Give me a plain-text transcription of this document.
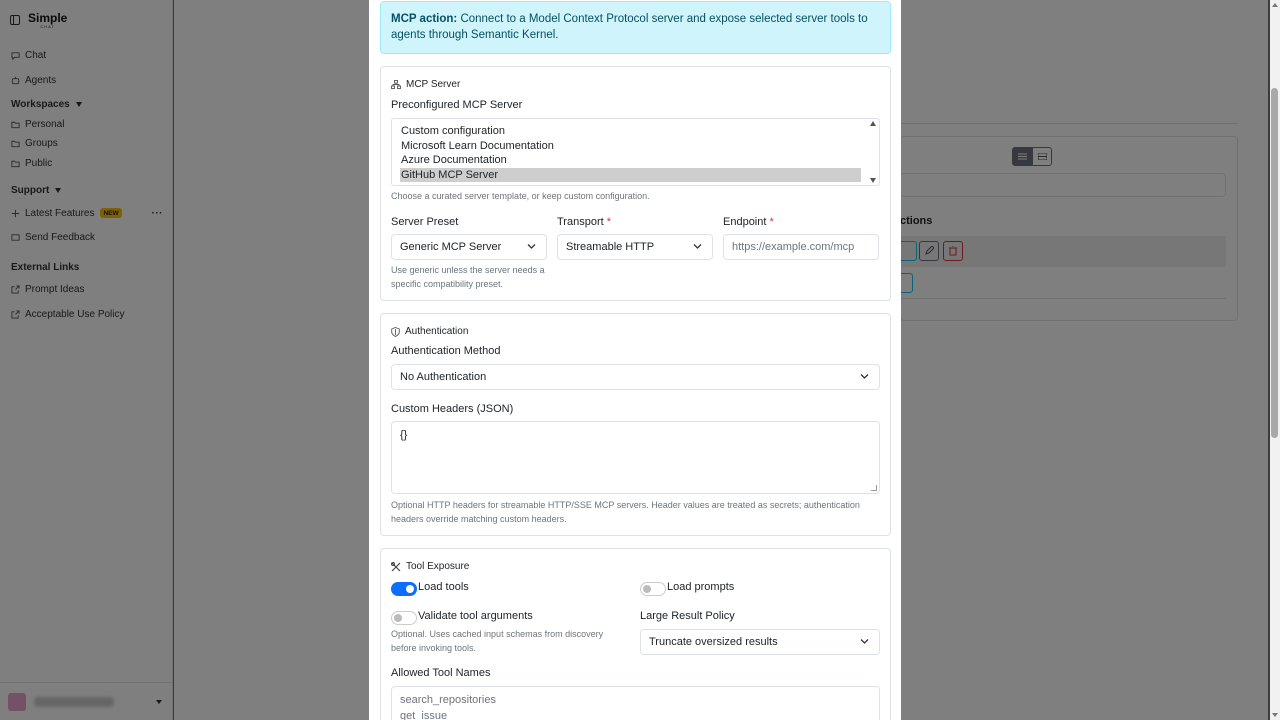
MCP action: Connect to a Model Context Protocol server and expose selected server tools to agents through Semantic Kernel.
MCP Server
Preconfigured MCP Server
Custom configuration
Microsoft Learn Documentation
Azure Documentation
GitHub MCP Server
Choose a curated server template, or keep custom configuration.
Server Preset
Generic MCP Server
Use generic unless the server needs a specific compatibility preset.
Transport *
Streamable HTTP
Endpoint *
https://example.com/mcp
Authentication
Authentication Method
No Authentication
Custom Headers (JSON)
{}
Optional HTTP headers for streamable HTTP/SSE MCP servers. Header values are treated as secrets; authentication headers override matching custom headers.
Tool Exposure
Load tools	Load prompts
Validate tool arguments
Optional. Uses cached input schemas from discovery before invoking tools.
Large Result Policy
Truncate oversized results
Allowed Tool Names
search_repositories
get_issue
